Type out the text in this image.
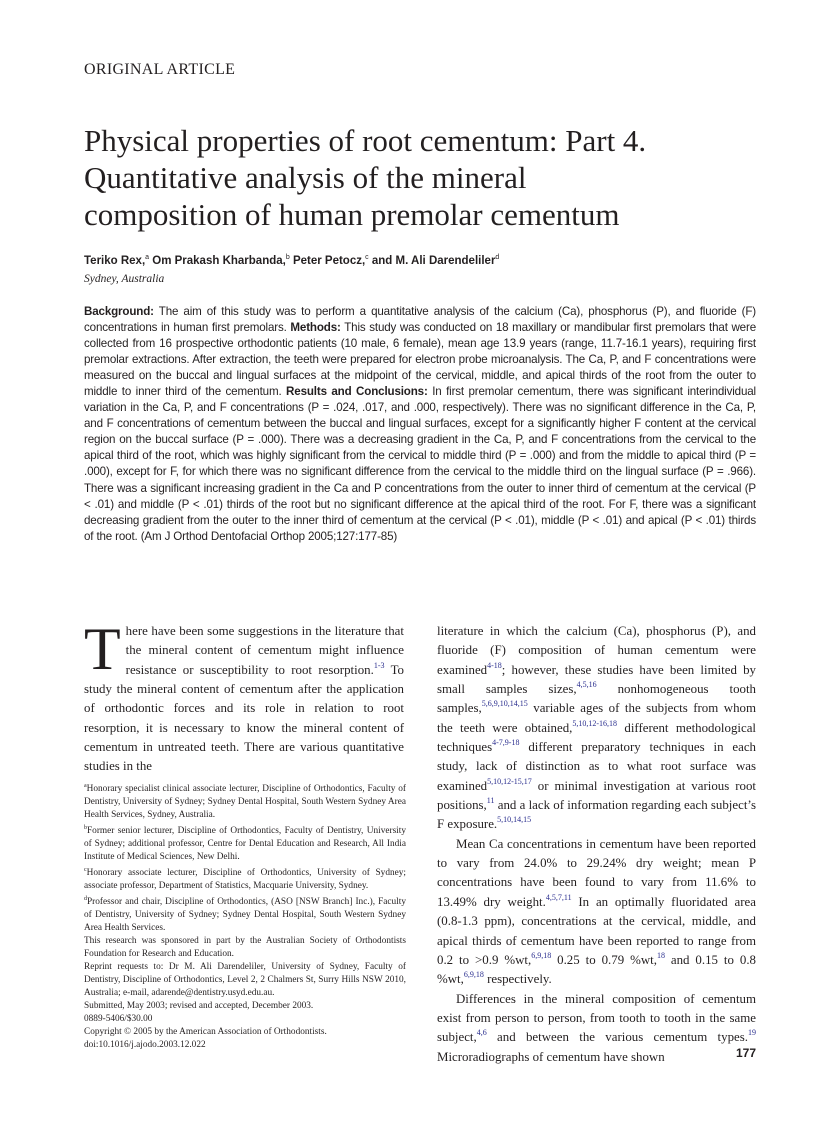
ORIGINAL ARTICLE
Physical properties of root cementum: Part 4.
Quantitative analysis of the mineral
composition of human premolar cementum
Teriko Rex,$^a$ Om Prakash Kharbanda,$^b$ Peter Petocz,$^c$ and M. Ali Darendeliler$^d$
Sydney, Australia
Background: The aim of this study was to perform a quantitative analysis of the calcium (Ca), phosphorus (P), and fluoride (F) concentrations in human first premolars. Methods: This study was conducted on 18 maxillary or mandibular first premolars that were collected from 16 prospective orthodontic patients (10 male, 6 female), mean age 13.9 years (range, 11.7-16.1 years), requiring first premolar extractions. After extraction, the teeth were prepared for electron probe microanalysis. The Ca, P, and F concentrations were measured on the buccal and lingual surfaces at the midpoint of the cervical, middle, and apical thirds of the root from the outer to middle to inner third of the cementum. Results and Conclusions: In first premolar cementum, there was significant interindividual variation in the Ca, P, and F concentrations (P = .024, .017, and .000, respectively). There was no significant difference in the Ca, P, and F concentrations of cementum between the buccal and lingual surfaces, except for a significantly higher F content at the cervical region on the buccal surface (P = .000). There was a decreasing gradient in the Ca, P, and F concentrations from the cervical to the apical third of the root, which was highly significant from the cervical to middle third (P = .000) and from the middle to apical third (P = .000), except for F, for which there was no significant difference from the cervical to the middle third on the lingual surface (P = .966). There was a significant increasing gradient in the Ca and P concentrations from the outer to inner third of cementum at the cervical (P < .01) and middle (P < .01) thirds of the root but no significant difference at the apical third of the root. For F, there was a significant decreasing gradient from the outer to the inner third of cementum at the cervical (P < .01), middle (P < .01) and apical (P < .01) thirds of the root. (Am J Orthod Dentofacial Orthop 2005;127:177-85)

There have been some suggestions in the literature that the mineral content of cementum might influence resistance or susceptibility to root resorption.$^{1-3}$ To study the mineral content of cementum after the application of orthodontic forces and its role in relation to root resorption, it is necessary to know the mineral content of cementum in untreated teeth. There are various quantitative studies in the

$^a$Honorary specialist clinical associate lecturer, Discipline of Orthodontics, Faculty of Dentistry, University of Sydney; Sydney Dental Hospital, South Western Sydney Area Health Services, Sydney, Australia.
$^b$Former senior lecturer, Discipline of Orthodontics, Faculty of Dentistry, University of Sydney; additional professor, Centre for Dental Education and Research, All India Institute of Medical Sciences, New Delhi.
$^c$Honorary associate lecturer, Discipline of Orthodontics, University of Sydney; associate professor, Department of Statistics, Macquarie University, Sydney.
$^d$Professor and chair, Discipline of Orthodontics, (ASO [NSW Branch] Inc.), Faculty of Dentistry, University of Sydney; Sydney Dental Hospital, South Western Sydney Area Health Services.
This research was sponsored in part by the Australian Society of Orthodontists Foundation for Research and Education.
Reprint requests to: Dr M. Ali Darendeliler, University of Sydney, Faculty of Dentistry, Discipline of Orthodontics, Level 2, 2 Chalmers St, Surry Hills NSW 2010, Australia; e-mail, adarende@dentistry.usyd.edu.au.
Submitted, May 2003; revised and accepted, December 2003.
0889-5406/$30.00
Copyright © 2005 by the American Association of Orthodontists.
doi:10.1016/j.ajodo.2003.12.022

literature in which the calcium (Ca), phosphorus (P), and fluoride (F) composition of human cementum were examined$^{4-18}$; however, these studies have been limited by small samples sizes,$^{4,5,16}$ nonhomogeneous tooth samples,$^{5,6,9,10,14,15}$ variable ages of the subjects from whom the teeth were obtained,$^{5,10,12-16,18}$ different methodological techniques$^{4-7,9-18}$ different preparatory techniques in each study, lack of distinction as to what root surface was examined$^{5,10,12-15,17}$ or minimal investigation at various root positions,$^{11}$ and a lack of information regarding each subject’s F exposure.$^{5,10,14,15}$

Mean Ca concentrations in cementum have been reported to vary from 24.0% to 29.24% dry weight; mean P concentrations have been found to vary from 11.6% to 13.49% dry weight.$^{4,5,7,11}$ In an optimally fluoridated area (0.8-1.3 ppm), concentrations at the cervical, middle, and apical thirds of cementum have been reported to range from 0.2 to >0.9 %wt,$^{6,9,18}$ 0.25 to 0.79 %wt,$^{18}$ and 0.15 to 0.8 %wt,$^{6,9,18}$ respectively.

Differences in the mineral composition of cementum exist from person to person, from tooth to tooth in the same subject,$^{4,6}$ and between the various cementum types.$^{19}$ Microradiographs of cementum have shown	177
